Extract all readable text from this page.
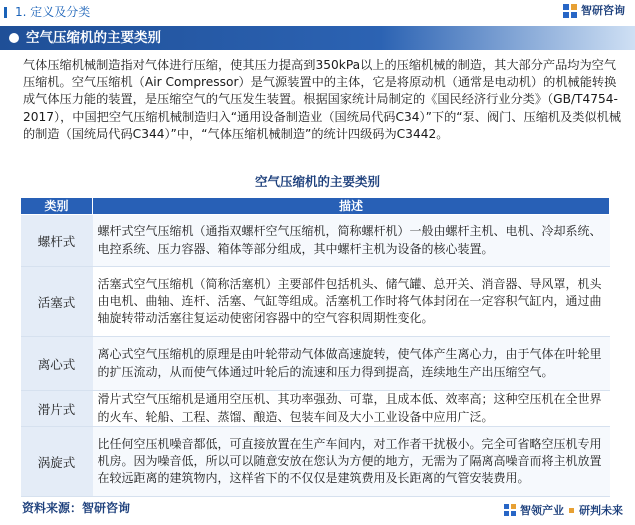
1. 定义及分类	智研咨询
空气压缩机的主要类别
气体压缩机械制造指对气体进行压缩，使其压力提高到350kPa以上的压缩机械的制造，其大部分产品均为空气压缩机。空气压缩机（Air Compressor）是气源装置中的主体，它是将原动机（通常是电动机）的机械能转换成气体压力能的装置，是压缩空气的气压发生装置。根据国家统计局制定的《国民经济行业分类》（GB/T4754-2017），中国把空气压缩机械制造归入“通用设备制造业（国统局代码C34）”下的“泵、阀门、压缩机及类似机械的制造（国统局代码C344）”中，“气体压缩机械制造”的统计四级码为C3442。
空气压缩机的主要类别
类别	描述
螺杆式	螺杆式空气压缩机（通指双螺杆空气压缩机，简称螺杆机）一般由螺杆主机、电机、冷却系统、电控系统、压力容器、箱体等部分组成，其中螺杆主机为设备的核心装置。
活塞式	活塞式空气压缩机（简称活塞机）主要部件包括机头、储气罐、总开关、消音器、导风罩，机头由电机、曲轴、连杆、活塞、气缸等组成。活塞机工作时将气体封闭在一定容积气缸内，通过曲轴旋转带动活塞往复运动使密闭容器中的空气容积周期性变化。
离心式	离心式空气压缩机的原理是由叶轮带动气体做高速旋转，使气体产生离心力，由于气体在叶轮里的扩压流动，从而使气体通过叶轮后的流速和压力得到提高，连续地生产出压缩空气。
滑片式	滑片式空气压缩机是通用空压机、其功率强劲、可靠，且成本低、效率高；这种空压机在全世界的火车、轮船、工程、蒸馏、酿造、包装车间及大小工业设备中应用广泛。
涡旋式	比任何空压机噪音都低，可直接放置在生产车间内，对工作者干扰极小。完全可省略空压机专用机房。因为噪音低，所以可以随意安放在您认为方便的地方，无需为了隔离高噪音而将主机放置在较远距离的建筑物内，这样省下的不仅仅是建筑费用及长距离的气管安装费用。
资料来源：智研咨询	智领产业 研判未来
